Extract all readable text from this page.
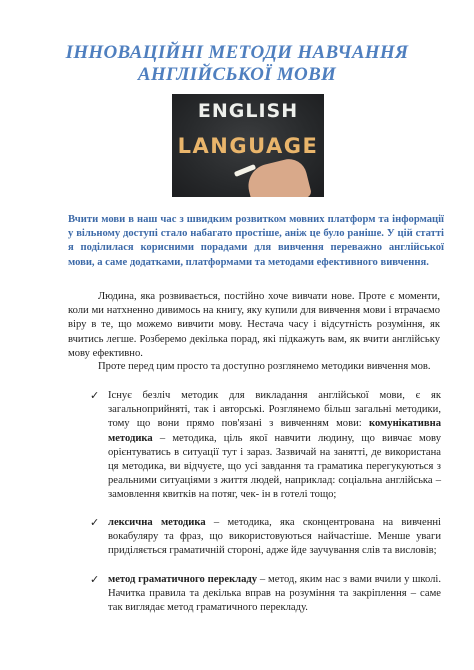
ІННОВАЦІЙНІ МЕТОДИ НАВЧАННЯ
АНГЛІЙСЬКОЇ МОВИ
ENGLISH
LANGUAGE
Вчити мови в наш час з швидким розвитком мовних платформ та інформації у вільному доступі стало набагато простіше, аніж це було раніше. У цій статті я поділилася корисними порадами для вивчення переважно англійської мови, а саме додатками, платформами та методами ефективного вивчення.
Людина, яка розвивається, постійно хоче вивчати нове. Проте є моменти, коли ми натхненно дивимось на книгу, яку купили для вивчення мови і втрачаємо віру в те, що можемо вивчити мову. Нестача часу і відсутність розуміння, як вчитись легше. Розберемо декілька порад, які підкажуть вам, як вчити англійську мову ефективно.
Проте перед цим просто та доступно розглянемо методики вивчення мов.
✓ Існує безліч методик для викладання англійської мови, є як загальноприйняті, так і авторські. Розглянемо більш загальні методики, тому що вони прямо пов'язані з вивченням мови: комунікативна методика – методика, ціль якої навчити людину, що вивчає мову орієнтуватись в ситуації тут і зараз. Зазвичай на занятті, де використана ця методика, ви відчуєте, що усі завдання та граматика перегукуються з реальними ситуаціями з життя людей, наприклад: соціальна англійська – замовлення квитків на потяг, чек- ін в готелі тощо;
✓ лексична методика – методика, яка сконцентрована на вивченні вокабуляру та фраз, що використовуються найчастіше. Менше уваги приділяється граматичній стороні, адже йде заучування слів та висловів;
✓ метод граматичного перекладу – метод, яким нас з вами вчили у школі. Начитка правила та декілька вправ на розуміння та закріплення – саме так виглядає метод граматичного перекладу.
